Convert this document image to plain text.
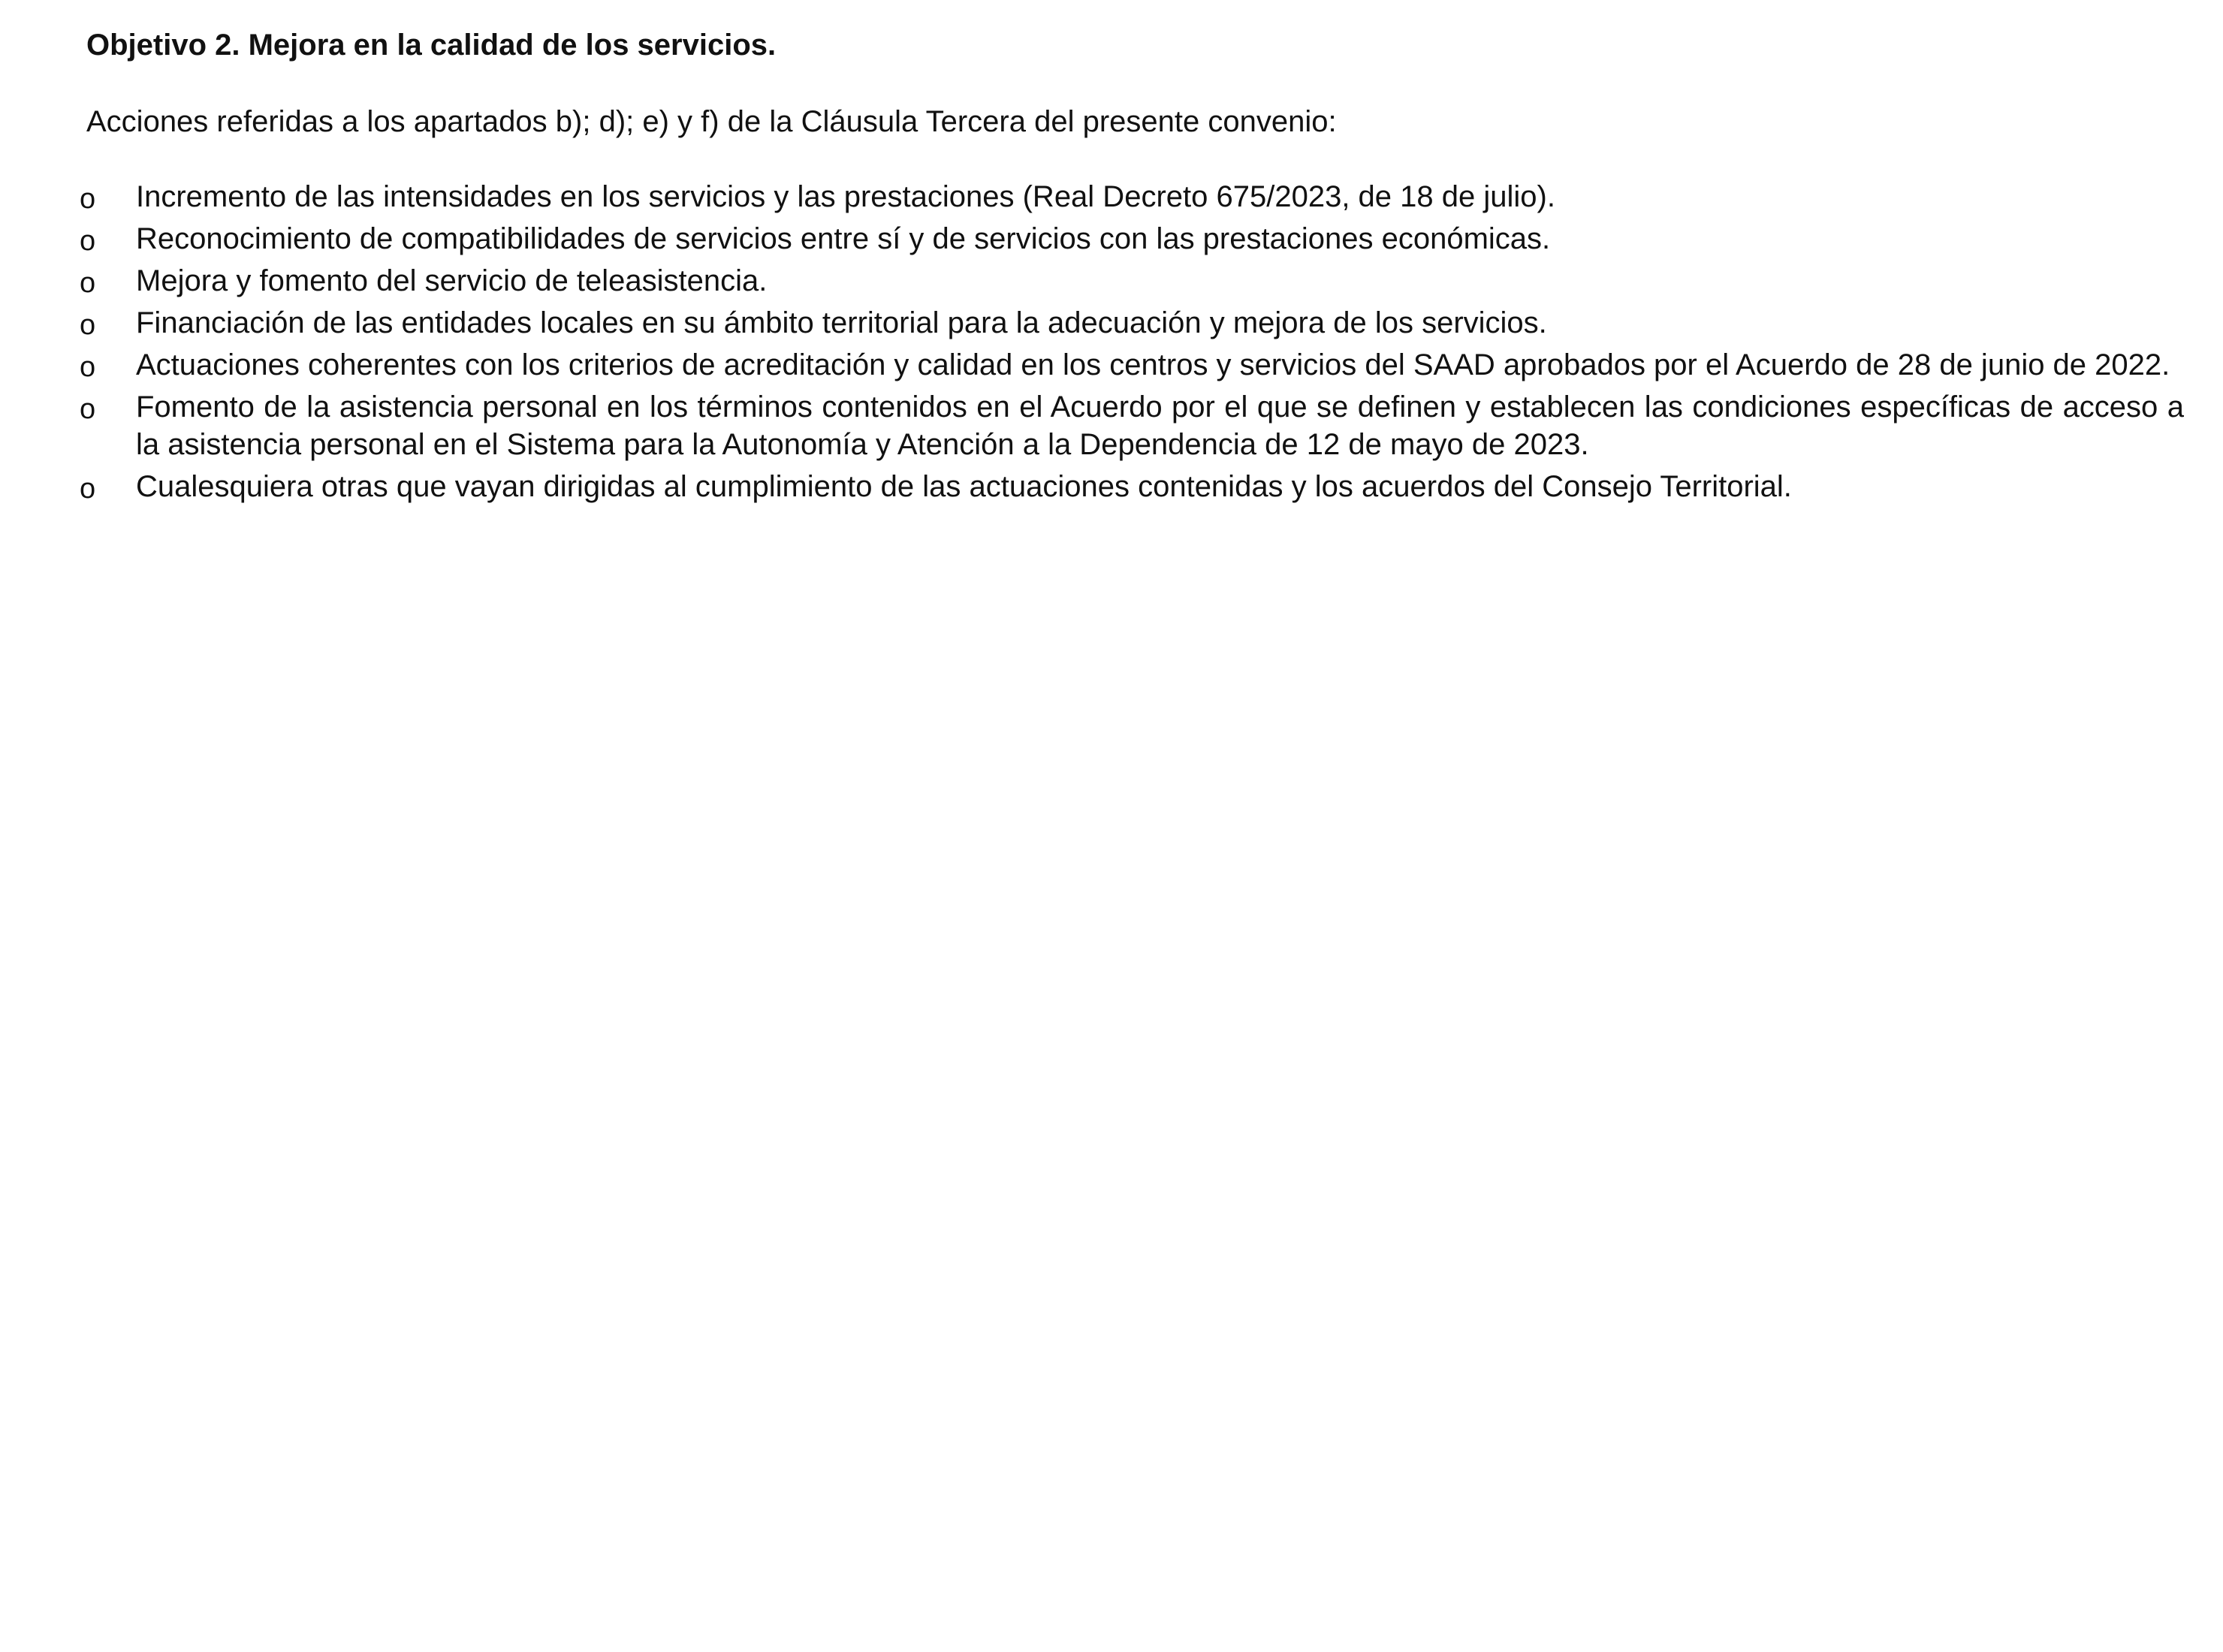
Objetivo 2. Mejora en la calidad de los servicios.

Acciones referidas a los apartados b); d); e) y f) de la Cláusula Tercera del presente convenio:

o Incremento de las intensidades en los servicios y las prestaciones (Real Decreto 675/2023, de 18 de julio).
o Reconocimiento de compatibilidades de servicios entre sí y de servicios con las prestaciones económicas.
o Mejora y fomento del servicio de teleasistencia.
o Financiación de las entidades locales en su ámbito territorial para la adecuación y mejora de los servicios.
o Actuaciones coherentes con los criterios de acreditación y calidad en los centros y servicios del SAAD aprobados por el Acuerdo de 28 de junio de 2022.
o Fomento de la asistencia personal en los términos contenidos en el Acuerdo por el que se definen y establecen las condiciones específicas de acceso a la asistencia personal en el Sistema para la Autonomía y Atención a la Dependencia de 12 de mayo de 2023.
o Cualesquiera otras que vayan dirigidas al cumplimiento de las actuaciones contenidas y los acuerdos del Consejo Territorial.
